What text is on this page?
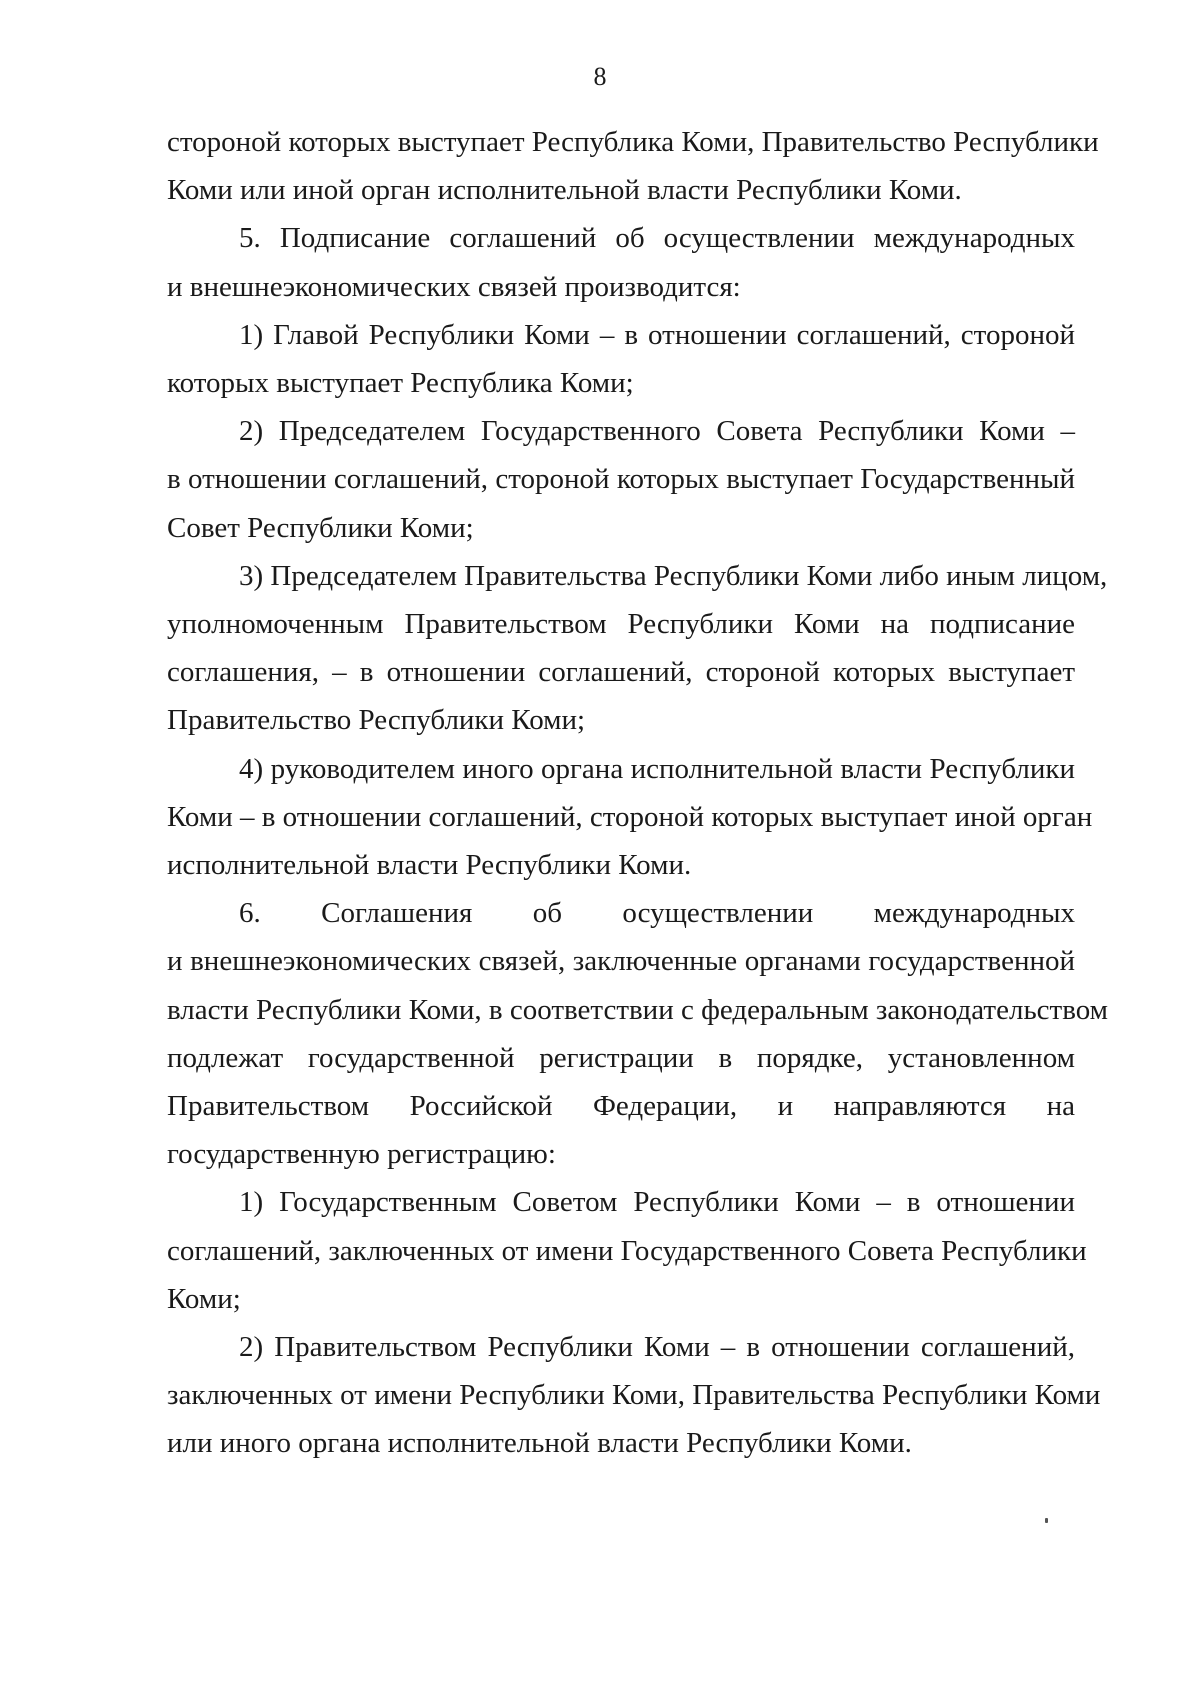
8

стороной которых выступает Республика Коми, Правительство Республики
Коми или иной орган исполнительной власти Республики Коми.

5. Подписание соглашений об осуществлении международных
и внешнеэкономических связей производится:

1) Главой Республики Коми – в отношении соглашений, стороной
которых выступает Республика Коми;

2) Председателем Государственного Совета Республики Коми –
в отношении соглашений, стороной которых выступает Государственный
Совет Республики Коми;

3) Председателем Правительства Республики Коми либо иным лицом,
уполномоченным Правительством Республики Коми на подписание
соглашения, – в отношении соглашений, стороной которых выступает
Правительство Республики Коми;

4) руководителем иного органа исполнительной власти Республики
Коми – в отношении соглашений, стороной которых выступает иной орган
исполнительной власти Республики Коми.

6. Соглашения об осуществлении международных
и внешнеэкономических связей, заключенные органами государственной
власти Республики Коми, в соответствии с федеральным законодательством
подлежат государственной регистрации в порядке, установленном
Правительством Российской Федерации, и направляются на
государственную регистрацию:

1) Государственным Советом Республики Коми – в отношении
соглашений, заключенных от имени Государственного Совета Республики
Коми;

2) Правительством Республики Коми – в отношении соглашений,
заключенных от имени Республики Коми, Правительства Республики Коми
или иного органа исполнительной власти Республики Коми.
